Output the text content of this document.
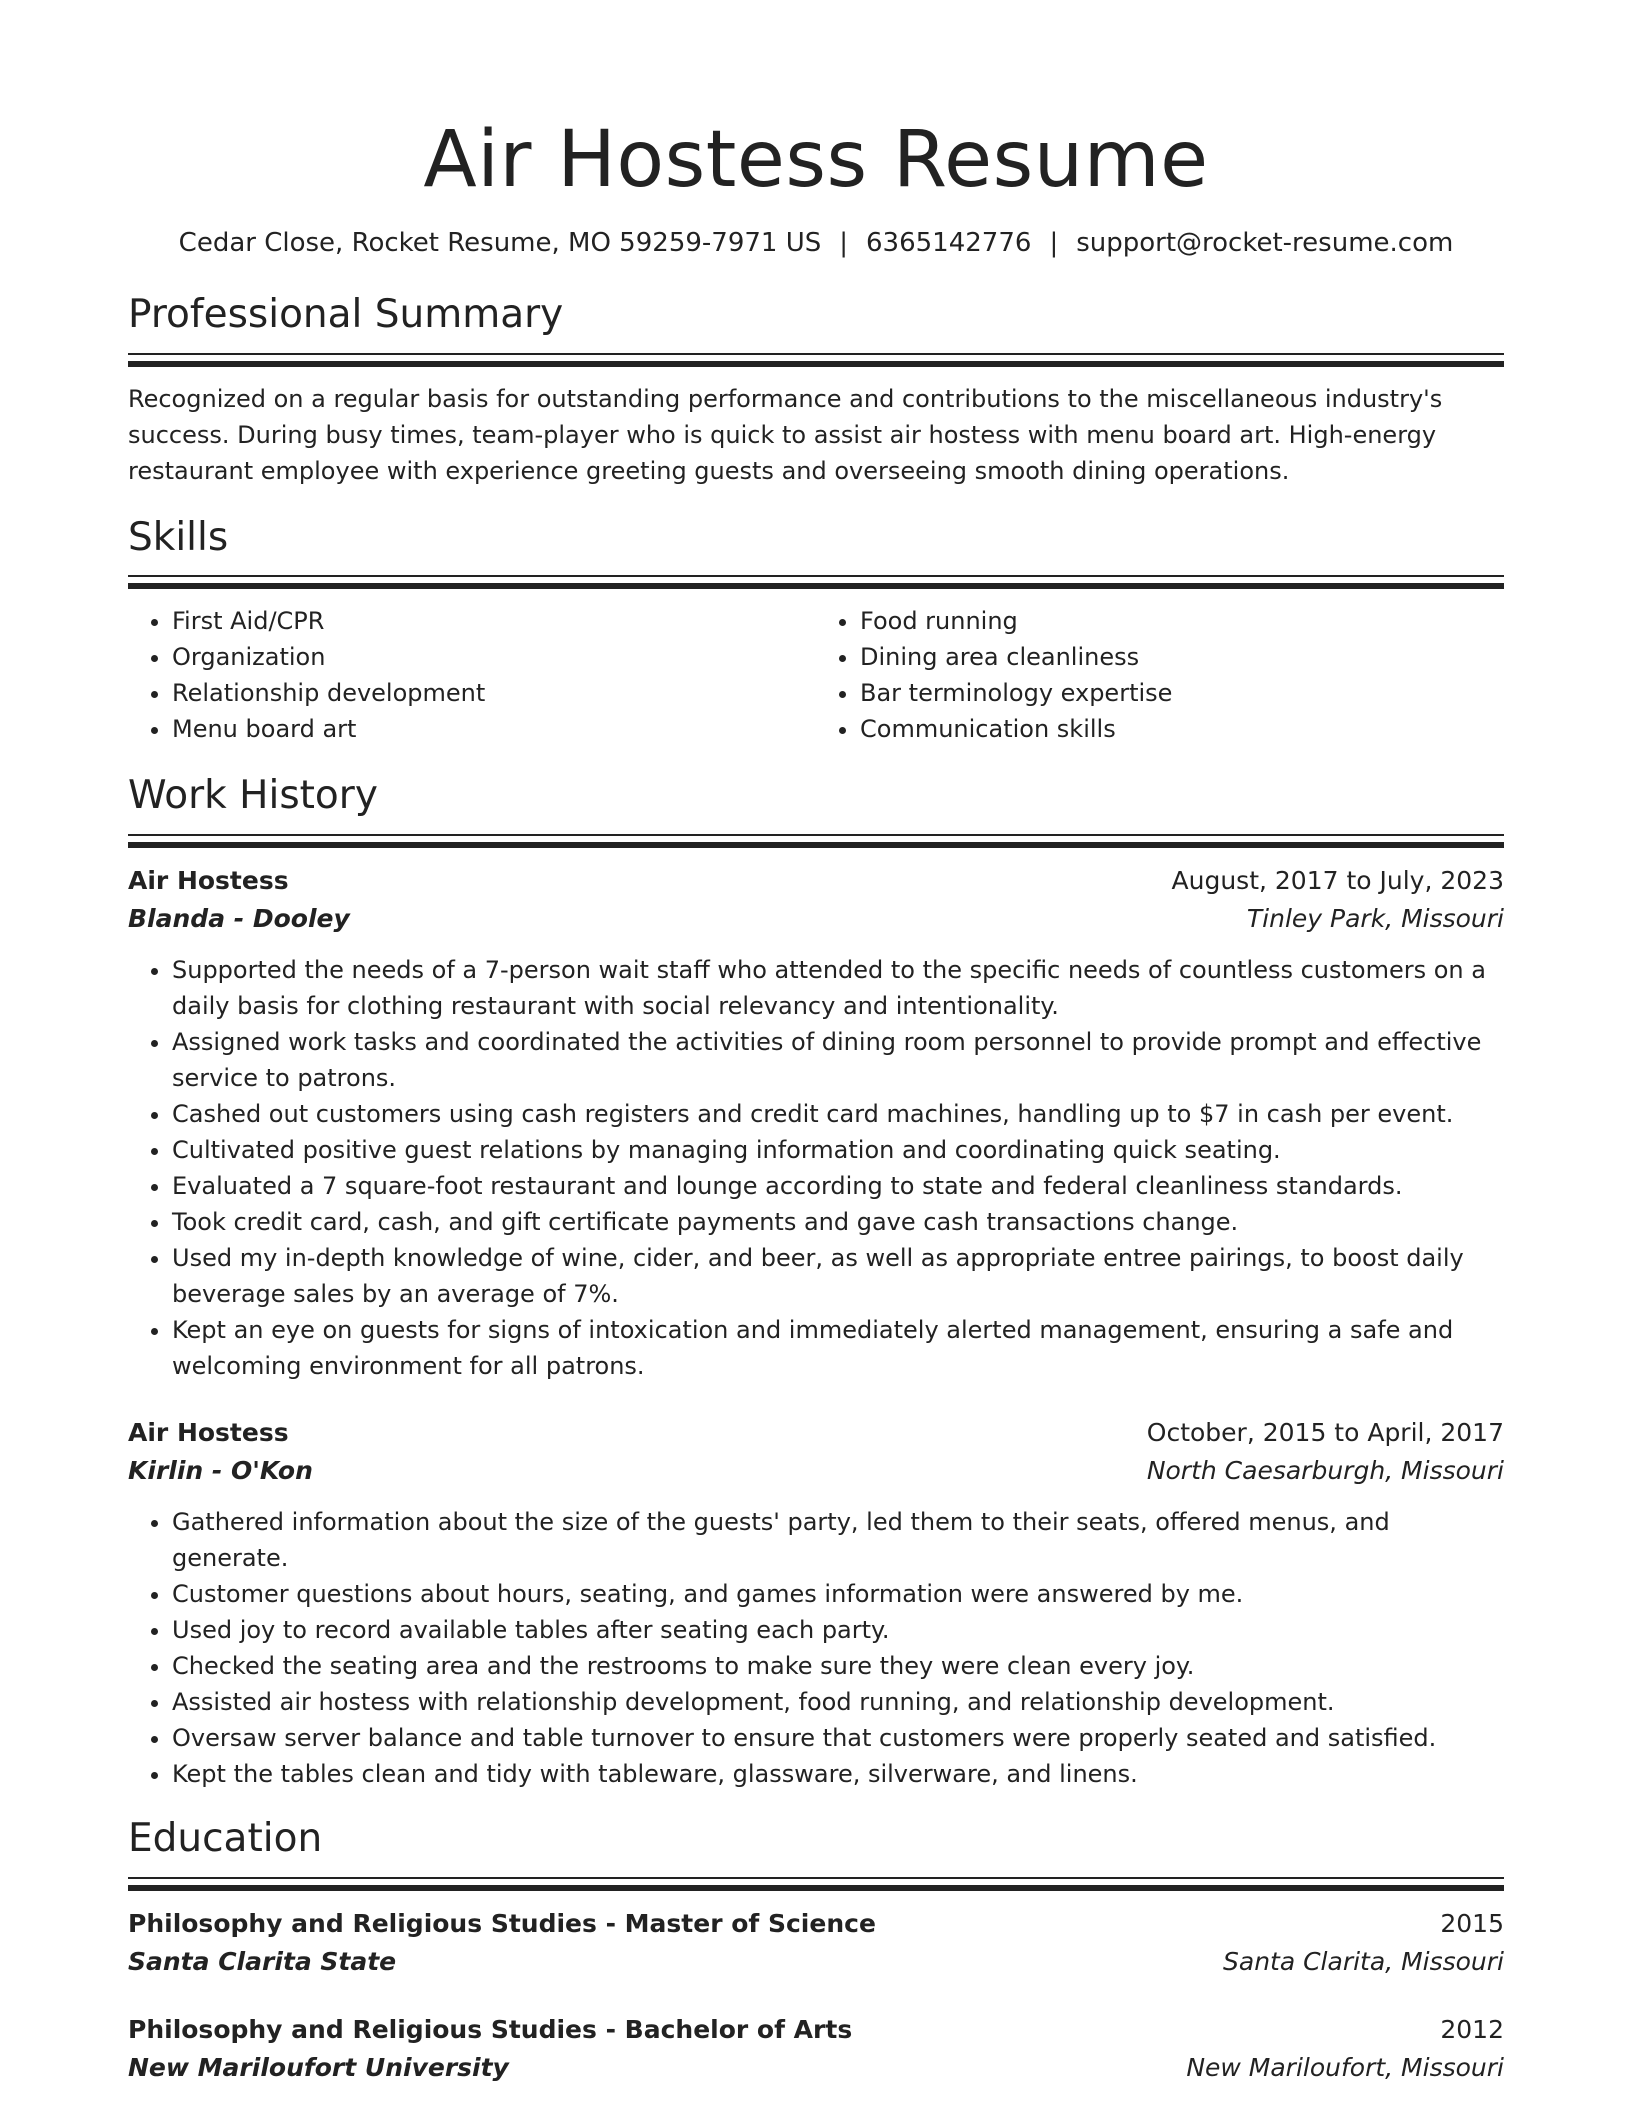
Air Hostess Resume
Cedar Close, Rocket Resume, MO 59259-7971 US | 6365142776 | support@rocket-resume.com
Professional Summary

Recognized on a regular basis for outstanding performance and contributions to the miscellaneous industry's success. During busy times, team-player who is quick to assist air hostess with menu board art. High-energy restaurant employee with experience greeting guests and overseeing smooth dining operations.

Skills
• First Aid/CPR
• Organization
• Relationship development
• Menu board art
• Food running
• Dining area cleanliness
• Bar terminology expertise
• Communication skills
Work History
Air Hostess	August, 2017 to July, 2023
Blanda - Dooley	Tinley Park, Missouri
• Supported the needs of a 7-person wait staff who attended to the specific needs of countless customers on a daily basis for clothing restaurant with social relevancy and intentionality.
• Assigned work tasks and coordinated the activities of dining room personnel to provide prompt and effective service to patrons.
• Cashed out customers using cash registers and credit card machines, handling up to $7 in cash per event.
• Cultivated positive guest relations by managing information and coordinating quick seating.
• Evaluated a 7 square-foot restaurant and lounge according to state and federal cleanliness standards.
• Took credit card, cash, and gift certificate payments and gave cash transactions change.
• Used my in-depth knowledge of wine, cider, and beer, as well as appropriate entree pairings, to boost daily beverage sales by an average of 7%.
• Kept an eye on guests for signs of intoxication and immediately alerted management, ensuring a safe and welcoming environment for all patrons.
Air Hostess	October, 2015 to April, 2017
Kirlin - O'Kon	North Caesarburgh, Missouri
• Gathered information about the size of the guests' party, led them to their seats, offered menus, and generate.
• Customer questions about hours, seating, and games information were answered by me.
• Used joy to record available tables after seating each party.
• Checked the seating area and the restrooms to make sure they were clean every joy.
• Assisted air hostess with relationship development, food running, and relationship development.
• Oversaw server balance and table turnover to ensure that customers were properly seated and satisfied.
• Kept the tables clean and tidy with tableware, glassware, silverware, and linens.
Education
Philosophy and Religious Studies - Master of Science	2015
Santa Clarita State	Santa Clarita, Missouri
Philosophy and Religious Studies - Bachelor of Arts	2012
New Mariloufort University	New Mariloufort, Missouri
